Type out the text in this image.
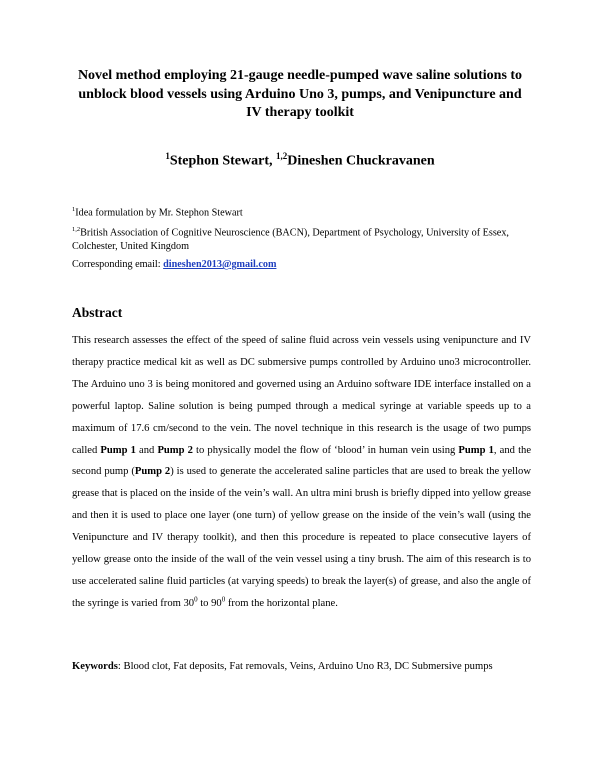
Novel method employing 21-gauge needle-pumped wave saline solutions to unblock blood vessels using Arduino Uno 3, pumps, and Venipuncture and IV therapy toolkit
$^1$Stephon Stewart, $^{1,2}$Dineshen Chuckravanen
$^1$Idea formulation by Mr. Stephon Stewart
$^{1,2}$British Association of Cognitive Neuroscience (BACN), Department of Psychology, University of Essex, Colchester, United Kingdom
Corresponding email: dineshen2013@gmail.com
Abstract
This research assesses the effect of the speed of saline fluid across vein vessels using venipuncture and IV therapy practice medical kit as well as DC submersive pumps controlled by Arduino uno3 microcontroller. The Arduino uno 3 is being monitored and governed using an Arduino software IDE interface installed on a powerful laptop. Saline solution is being pumped through a medical syringe at variable speeds up to a maximum of 17.6 cm/second to the vein. The novel technique in this research is the usage of two pumps called Pump 1 and Pump 2 to physically model the flow of ‘blood’ in human vein using Pump 1, and the second pump (Pump 2) is used to generate the accelerated saline particles that are used to break the yellow grease that is placed on the inside of the vein’s wall. An ultra mini brush is briefly dipped into yellow grease and then it is used to place one layer (one turn) of yellow grease on the inside of the vein’s wall (using the Venipuncture and IV therapy toolkit), and then this procedure is repeated to place consecutive layers of yellow grease onto the inside of the wall of the vein vessel using a tiny brush. The aim of this research is to use accelerated saline fluid particles (at varying speeds) to break the layer(s) of grease, and also the angle of the syringe is varied from $30^0$ to $90^0$ from the horizontal plane.
Keywords: Blood clot, Fat deposits, Fat removals, Veins, Arduino Uno R3, DC Submersive pumps
